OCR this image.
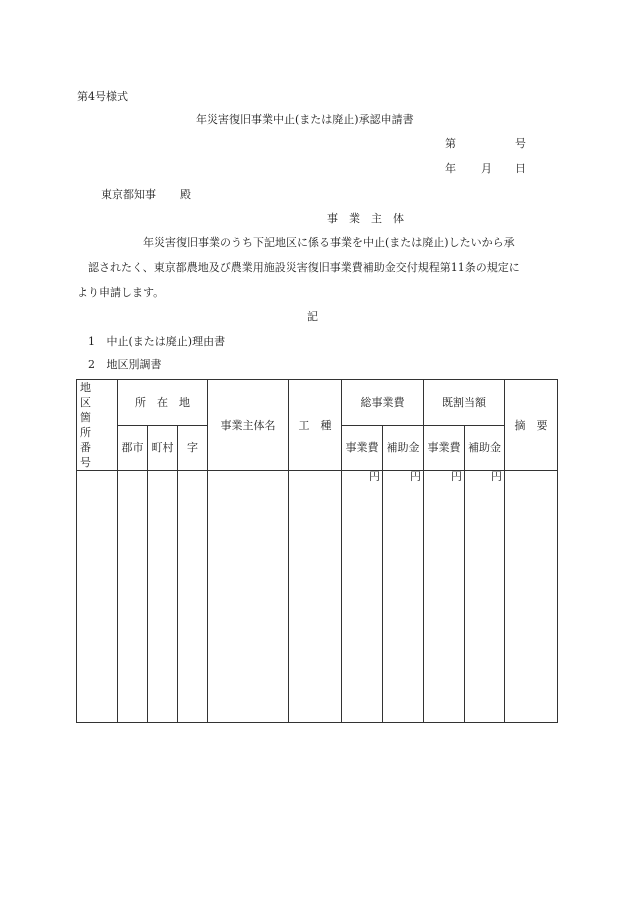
第4号様式
年災害復旧事業中止(または廃止)承認申請書
第	号
年 月 日
東京都知事 殿
事　業　主　体
年災害復旧事業のうち下記地区に係る事業を中止(または廃止)したいから承
認されたく、東京都農地及び農業用施設災害復旧事業費補助金交付規程第11条の規定に
より申請します。
記
1 中止(または廃止)理由書
2 地区別調書
地　区
箇　所
番　号	所　在　地			事業主体名	工　種	総事業費		既割当額		摘　要
	郡市	町村	字			事業費	補助金	事業費	補助金	

						円	円	円	円	
